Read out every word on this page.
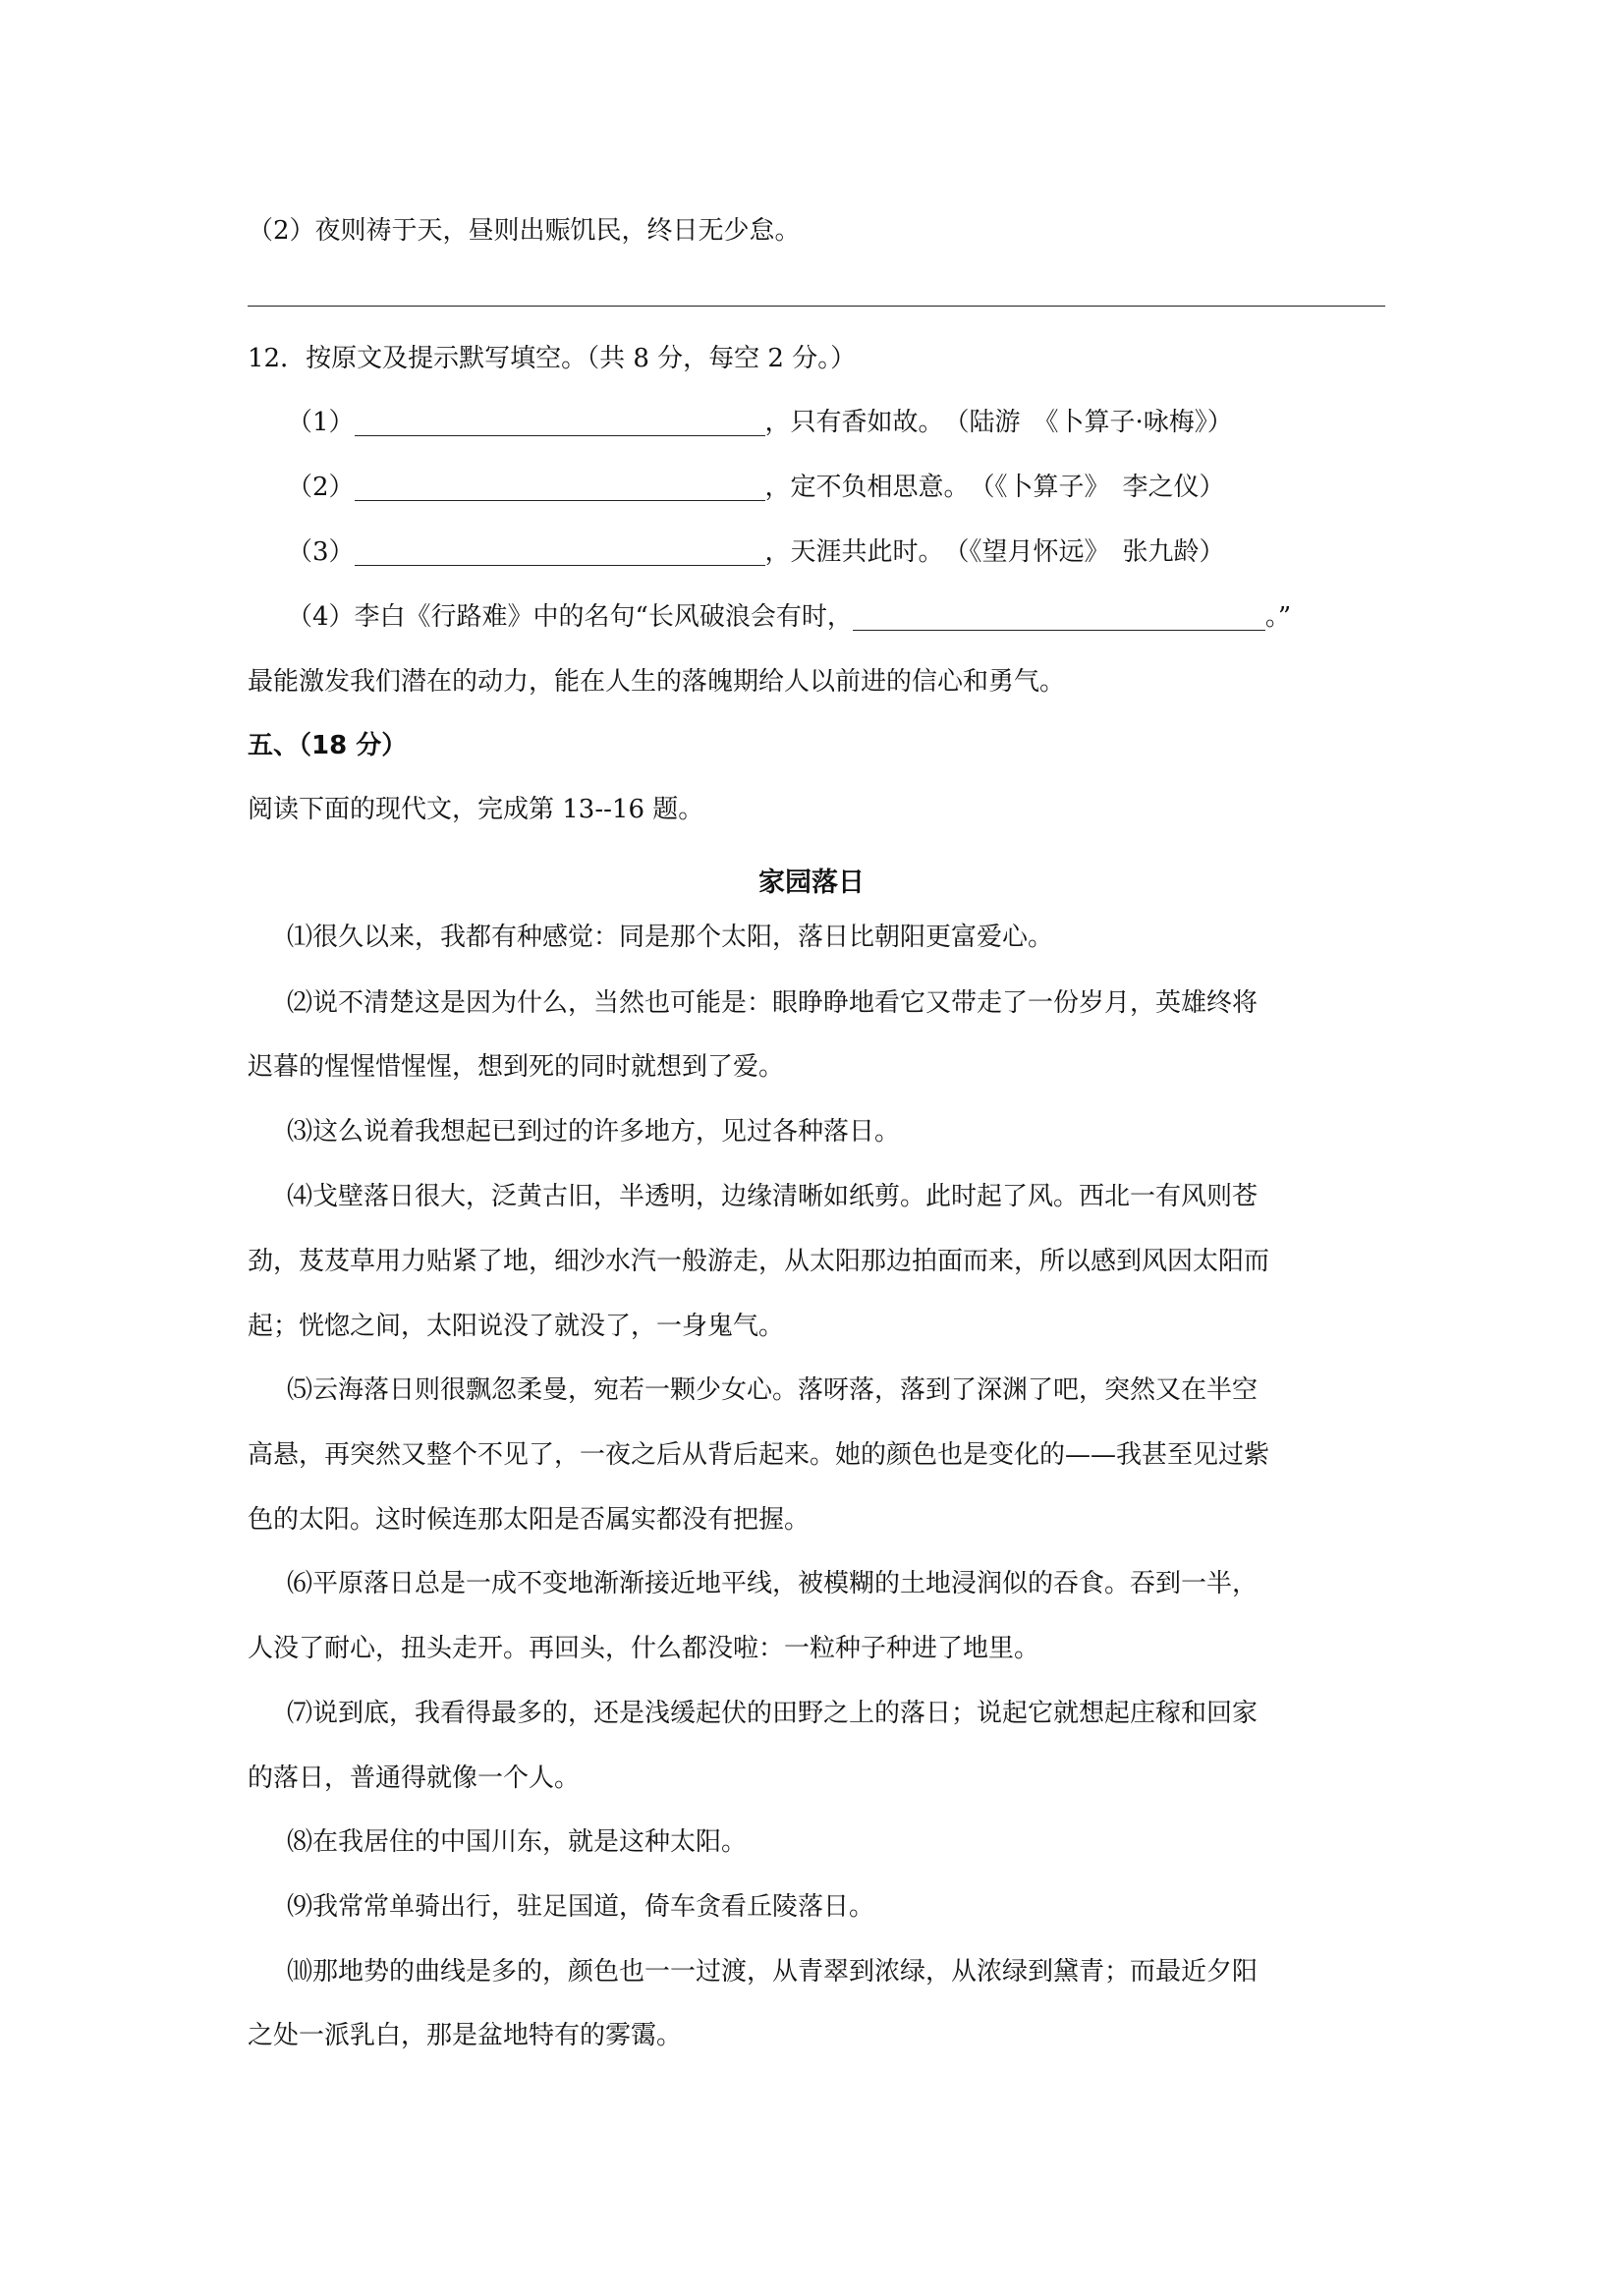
（2）夜则祷于天，昼则出赈饥民，终日无少怠。
12．按原文及提示默写填空。（共 8 分，每空 2 分。）
（1）	，只有香如故。　（陆游　《卜算子·咏梅》）
（2）	，定不负相思意。　（《卜算子》　李之仪）
（3）	，天涯共此时。　（《望月怀远》　张九龄）
（4）李白《行路难》中的名句“长风破浪会有时，	。”
最能激发我们潜在的动力，能在人生的落魄期给人以前进的信心和勇气。
五、（18 分）
阅读下面的现代文，完成第 13--16 题。
家园落日
⑴很久以来，我都有种感觉：同是那个太阳，落日比朝阳更富爱心。
⑵说不清楚这是因为什么，当然也可能是：眼睁睁地看它又带走了一份岁月，英雄终将
迟暮的惺惺惜惺惺，想到死的同时就想到了爱。
⑶这么说着我想起已到过的许多地方，见过各种落日。
⑷戈壁落日很大，泛黄古旧，半透明，边缘清晰如纸剪。此时起了风。西北一有风则苍
劲，芨芨草用力贴紧了地，细沙水汽一般游走，从太阳那边拍面而来，所以感到风因太阳而
起；恍惚之间，太阳说没了就没了，一身鬼气。
⑸云海落日则很飘忽柔曼，宛若一颗少女心。落呀落，落到了深渊了吧，突然又在半空
高悬，再突然又整个不见了，一夜之后从背后起来。她的颜色也是变化的——我甚至见过紫
色的太阳。这时候连那太阳是否属实都没有把握。
⑹平原落日总是一成不变地渐渐接近地平线，被模糊的土地浸润似的吞食。吞到一半，
人没了耐心，扭头走开。再回头，什么都没啦：一粒种子种进了地里。
⑺说到底，我看得最多的，还是浅缓起伏的田野之上的落日；说起它就想起庄稼和回家
的落日，普通得就像一个人。
⑻在我居住的中国川东，就是这种太阳。
⑼我常常单骑出行，驻足国道，倚车贪看丘陵落日。
⑽那地势的曲线是多的，颜色也一一过渡，从青翠到浓绿，从浓绿到黛青；而最近夕阳
之处一派乳白，那是盆地特有的雾霭。
